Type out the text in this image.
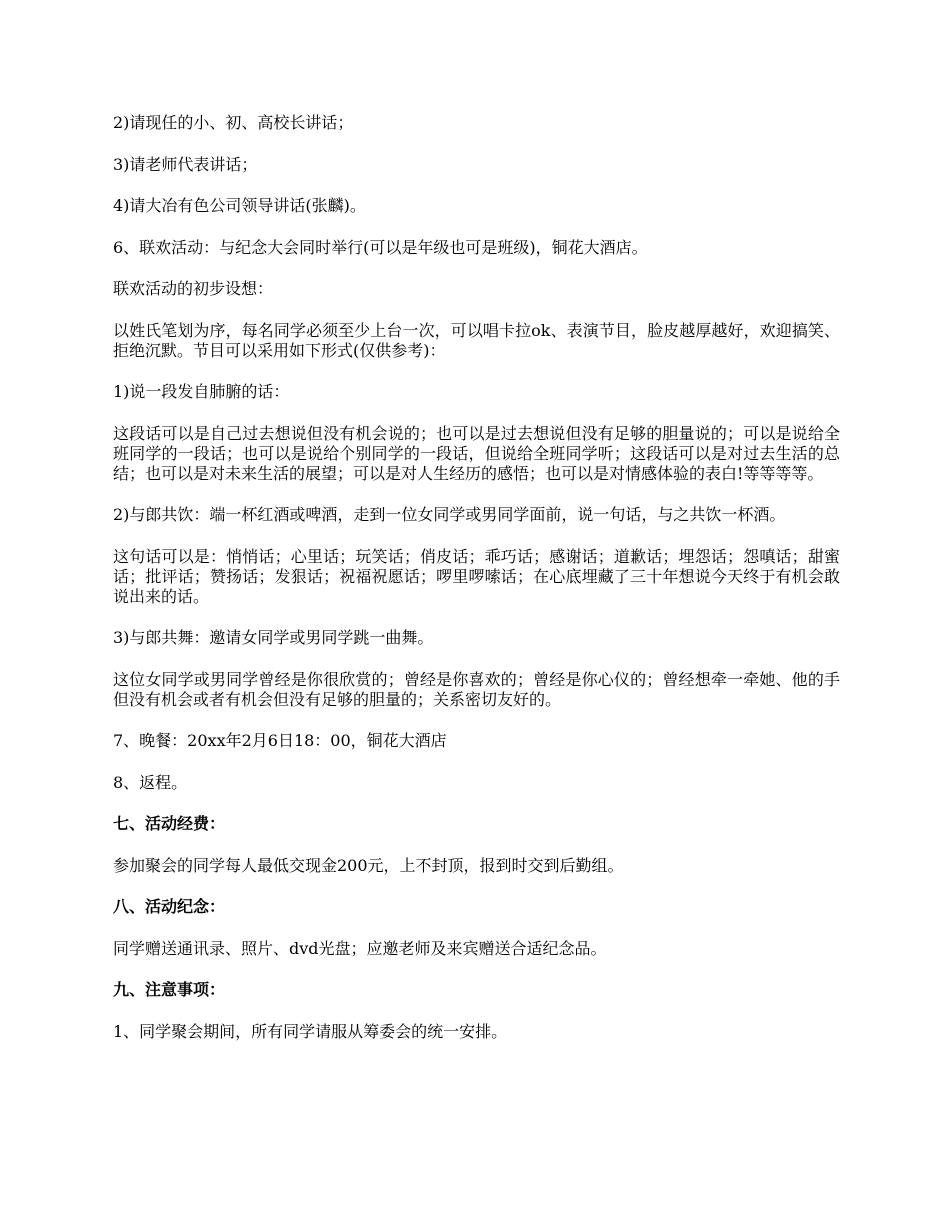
2)请现任的小、初、高校长讲话；

3)请老师代表讲话；

4)请大冶有色公司领导讲话(张麟)。

6、联欢活动：与纪念大会同时举行(可以是年级也可是班级)，铜花大酒店。

联欢活动的初步设想：

以姓氏笔划为序，每名同学必须至少上台一次，可以唱卡拉ok、表演节目，脸皮越厚越好，欢迎搞笑、拒绝沉默。节目可以采用如下形式(仅供参考)：

1)说一段发自肺腑的话：

这段话可以是自己过去想说但没有机会说的；也可以是过去想说但没有足够的胆量说的；可以是说给全班同学的一段话；也可以是说给个别同学的一段话，但说给全班同学听；这段话可以是对过去生活的总结；也可以是对未来生活的展望；可以是对人生经历的感悟；也可以是对情感体验的表白!等等等等。

2)与郎共饮：端一杯红酒或啤酒，走到一位女同学或男同学面前，说一句话，与之共饮一杯酒。

这句话可以是：悄悄话；心里话；玩笑话；俏皮话；乖巧话；感谢话；道歉话；埋怨话；怨嗔话；甜蜜话；批评话；赞扬话；发狠话；祝福祝愿话；啰里啰嗦话；在心底埋藏了三十年想说今天终于有机会敢说出来的话。

3)与郎共舞：邀请女同学或男同学跳一曲舞。

这位女同学或男同学曾经是你很欣赏的；曾经是你喜欢的；曾经是你心仪的；曾经想牵一牵她、他的手但没有机会或者有机会但没有足够的胆量的；关系密切友好的。

7、晚餐：20xx年2月6日18：00，铜花大酒店

8、返程。

七、活动经费：

参加聚会的同学每人最低交现金200元，上不封顶，报到时交到后勤组。

八、活动纪念：

同学赠送通讯录、照片、dvd光盘；应邀老师及来宾赠送合适纪念品。

九、注意事项：

1、同学聚会期间，所有同学请服从筹委会的统一安排。
